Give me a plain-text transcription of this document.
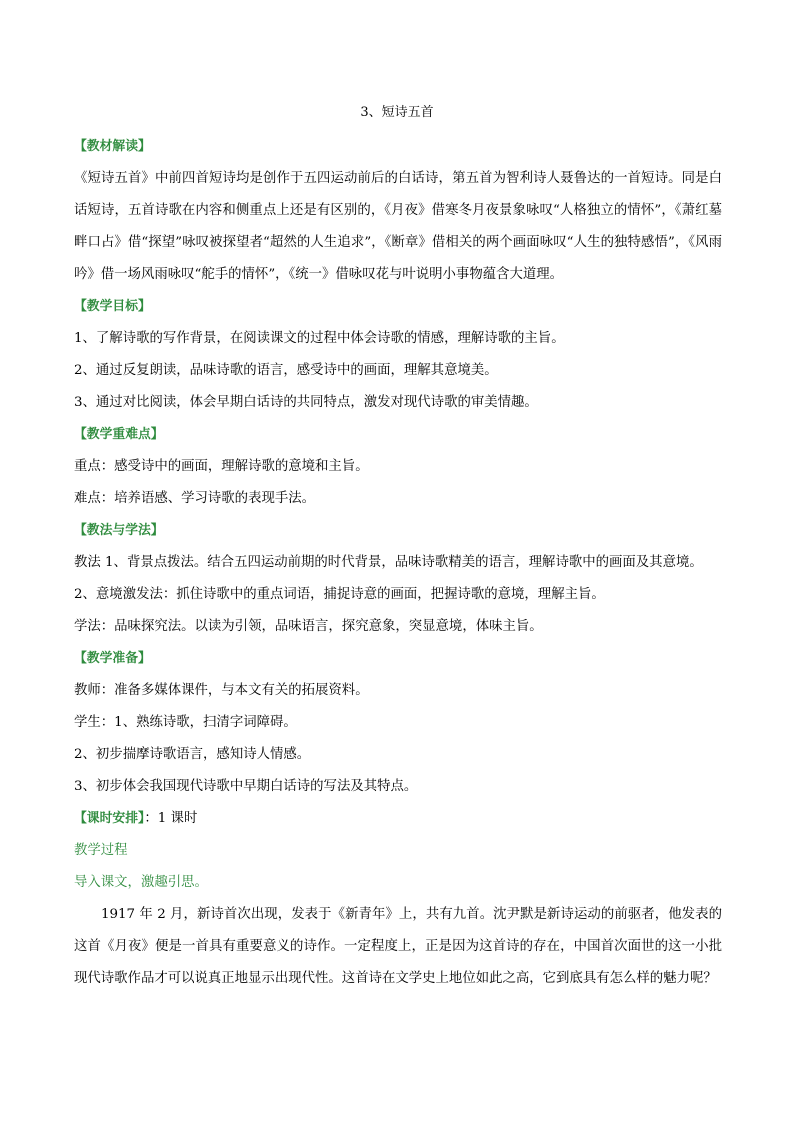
3、短诗五首

【教材解读】

《短诗五首》中前四首短诗均是创作于五四运动前后的白话诗，第五首为智利诗人聂鲁达的一首短诗。同是白话短诗，五首诗歌在内容和侧重点上还是有区别的，《月夜》借寒冬月夜景象咏叹“人格独立的情怀”，《萧红墓畔口占》借“探望”咏叹被探望者“超然的人生追求”，《断章》借相关的两个画面咏叹“人生的独特感悟”，《风雨吟》借一场风雨咏叹“舵手的情怀”，《统一》借咏叹花与叶说明小事物蕴含大道理。

【教学目标】

1、了解诗歌的写作背景，在阅读课文的过程中体会诗歌的情感，理解诗歌的主旨。

2、通过反复朗读，品味诗歌的语言，感受诗中的画面，理解其意境美。

3、通过对比阅读，体会早期白话诗的共同特点，激发对现代诗歌的审美情趣。

【教学重难点】

重点：感受诗中的画面，理解诗歌的意境和主旨。

难点：培养语感、学习诗歌的表现手法。

【教法与学法】

教法 1、背景点拨法。结合五四运动前期的时代背景，品味诗歌精美的语言，理解诗歌中的画面及其意境。

2、意境激发法：抓住诗歌中的重点词语，捕捉诗意的画面，把握诗歌的意境，理解主旨。

学法：品味探究法。以读为引领，品味语言，探究意象，突显意境，体味主旨。

【教学准备】

教师：准备多媒体课件，与本文有关的拓展资料。

学生：1、熟练诗歌，扫清字词障碍。

2、初步揣摩诗歌语言，感知诗人情感。

3、初步体会我国现代诗歌中早期白话诗的写法及其特点。

【课时安排】：1 课时

教学过程

导入课文，激趣引思。

1917 年 2 月，新诗首次出现，发表于《新青年》上，共有九首。沈尹默是新诗运动的前驱者，他发表的这首《月夜》便是一首具有重要意义的诗作。一定程度上，正是因为这首诗的存在，中国首次面世的这一小批现代诗歌作品才可以说真正地显示出现代性。这首诗在文学史上地位如此之高，它到底具有怎么样的魅力呢？
